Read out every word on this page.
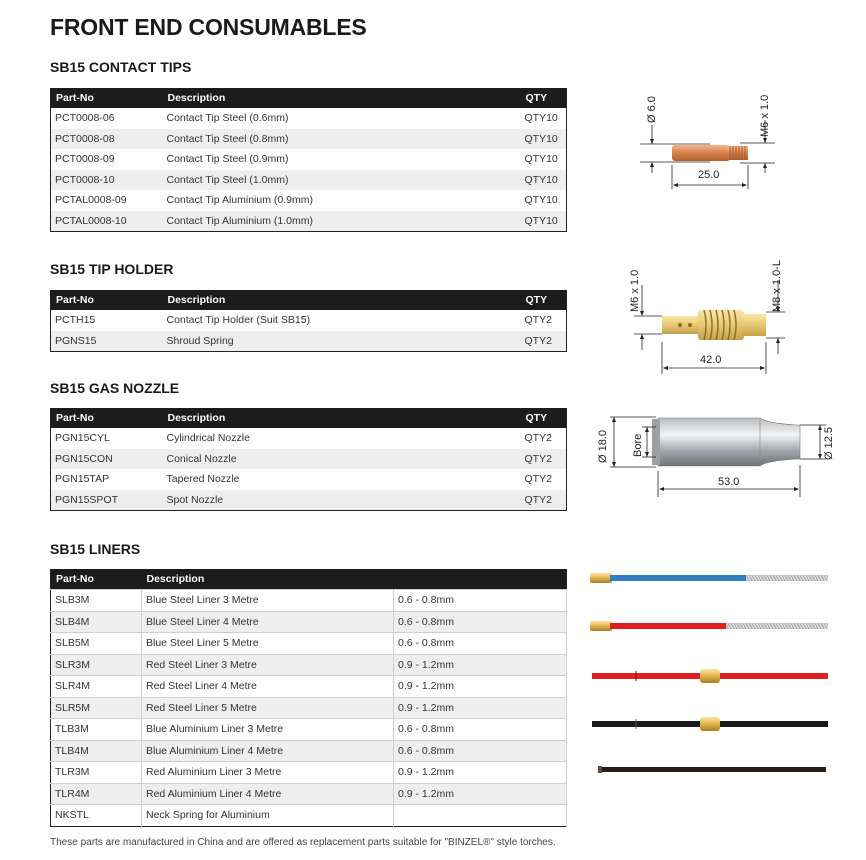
FRONT END CONSUMABLES
SB15 CONTACT TIPS
Part-No	Description	QTY
PCT0008-06	Contact Tip Steel (0.6mm)	QTY10
PCT0008-08	Contact Tip Steel (0.8mm)	QTY10
PCT0008-09	Contact Tip Steel (0.9mm)	QTY10
PCT0008-10	Contact Tip Steel (1.0mm)	QTY10
PCTAL0008-09	Contact Tip Aluminium (0.9mm)	QTY10
PCTAL0008-10	Contact Tip Aluminium (1.0mm)	QTY10
SB15 TIP HOLDER
Part-No	Description	QTY
PCTH15	Contact Tip Holder (Suit SB15)	QTY2
PGNS15	Shroud Spring	QTY2
SB15 GAS NOZZLE
Part-No	Description	QTY
PGN15CYL	Cylindrical Nozzle	QTY2
PGN15CON	Conical Nozzle	QTY2
PGN15TAP	Tapered Nozzle	QTY2
PGN15SPOT	Spot Nozzle	QTY2
SB15 LINERS
Part-No	Description	
SLB3M	Blue Steel Liner 3 Metre	0.6 - 0.8mm
SLB4M	Blue Steel Liner 4 Metre	0.6 - 0.8mm
SLB5M	Blue Steel Liner 5 Metre	0.6 - 0.8mm
SLR3M	Red Steel Liner 3 Metre	0.9 - 1.2mm
SLR4M	Red Steel Liner 4 Metre	0.9 - 1.2mm
SLR5M	Red Steel Liner 5 Metre	0.9 - 1.2mm
TLB3M	Blue Aluminium Liner 3 Metre	0.6 - 0.8mm
TLB4M	Blue Aluminium Liner 4 Metre	0.6 - 0.8mm
TLR3M	Red Aluminium Liner 3 Metre	0.9 - 1.2mm
TLR4M	Red Aluminium Liner 4 Metre	0.9 - 1.2mm
NKSTL	Neck Spring for Aluminium	

These parts are manufactured in China and are offered as replacement parts suitable for "BINZEL®" style torches.

Ø 6.0	M6 x 1.0
25.0
M6 x 1.0	M8 x 1.0-L
42.0
Ø 18.0 Bore	Ø 12.5
53.0
